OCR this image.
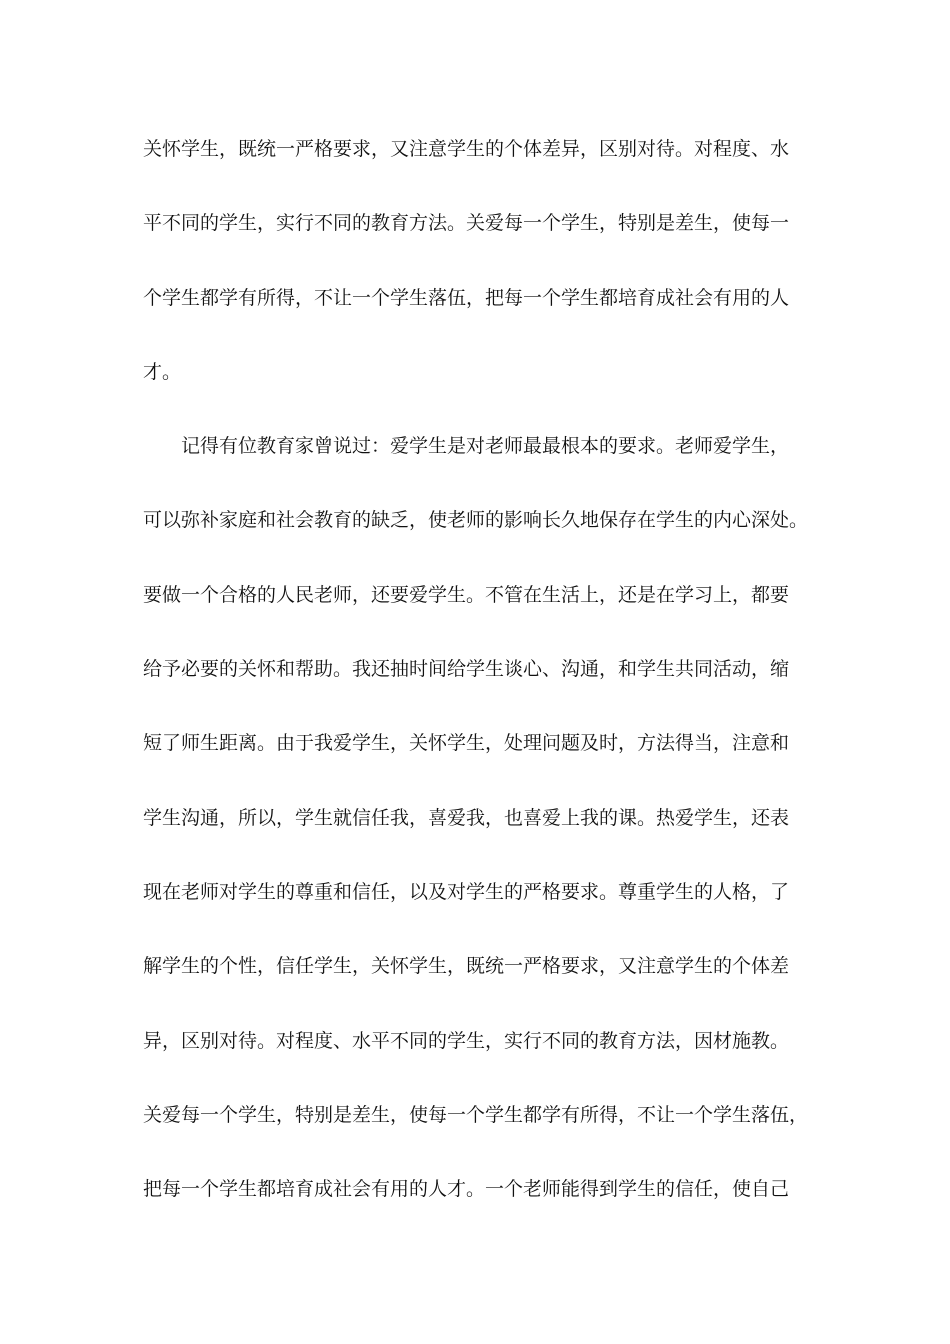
关怀学生，既统一严格要求，又注意学生的个体差异，区别对待。对程度、水
平不同的学生，实行不同的教育方法。关爱每一个学生，特别是差生，使每一
个学生都学有所得，不让一个学生落伍，把每一个学生都培育成社会有用的人
才。
记得有位教育家曾说过：爱学生是对老师最最根本的要求。老师爱学生，
可以弥补家庭和社会教育的缺乏，使老师的影响长久地保存在学生的内心深处。
要做一个合格的人民老师，还要爱学生。不管在生活上，还是在学习上，都要
给予必要的关怀和帮助。我还抽时间给学生谈心、沟通，和学生共同活动，缩
短了师生距离。由于我爱学生，关怀学生，处理问题及时，方法得当，注意和
学生沟通，所以，学生就信任我，喜爱我，也喜爱上我的课。热爱学生，还表
现在老师对学生的尊重和信任，以及对学生的严格要求。尊重学生的人格，了
解学生的个性，信任学生，关怀学生，既统一严格要求，又注意学生的个体差
异，区别对待。对程度、水平不同的学生，实行不同的教育方法，因材施教。
关爱每一个学生，特别是差生，使每一个学生都学有所得，不让一个学生落伍，
把每一个学生都培育成社会有用的人才。一个老师能得到学生的信任，使自己
